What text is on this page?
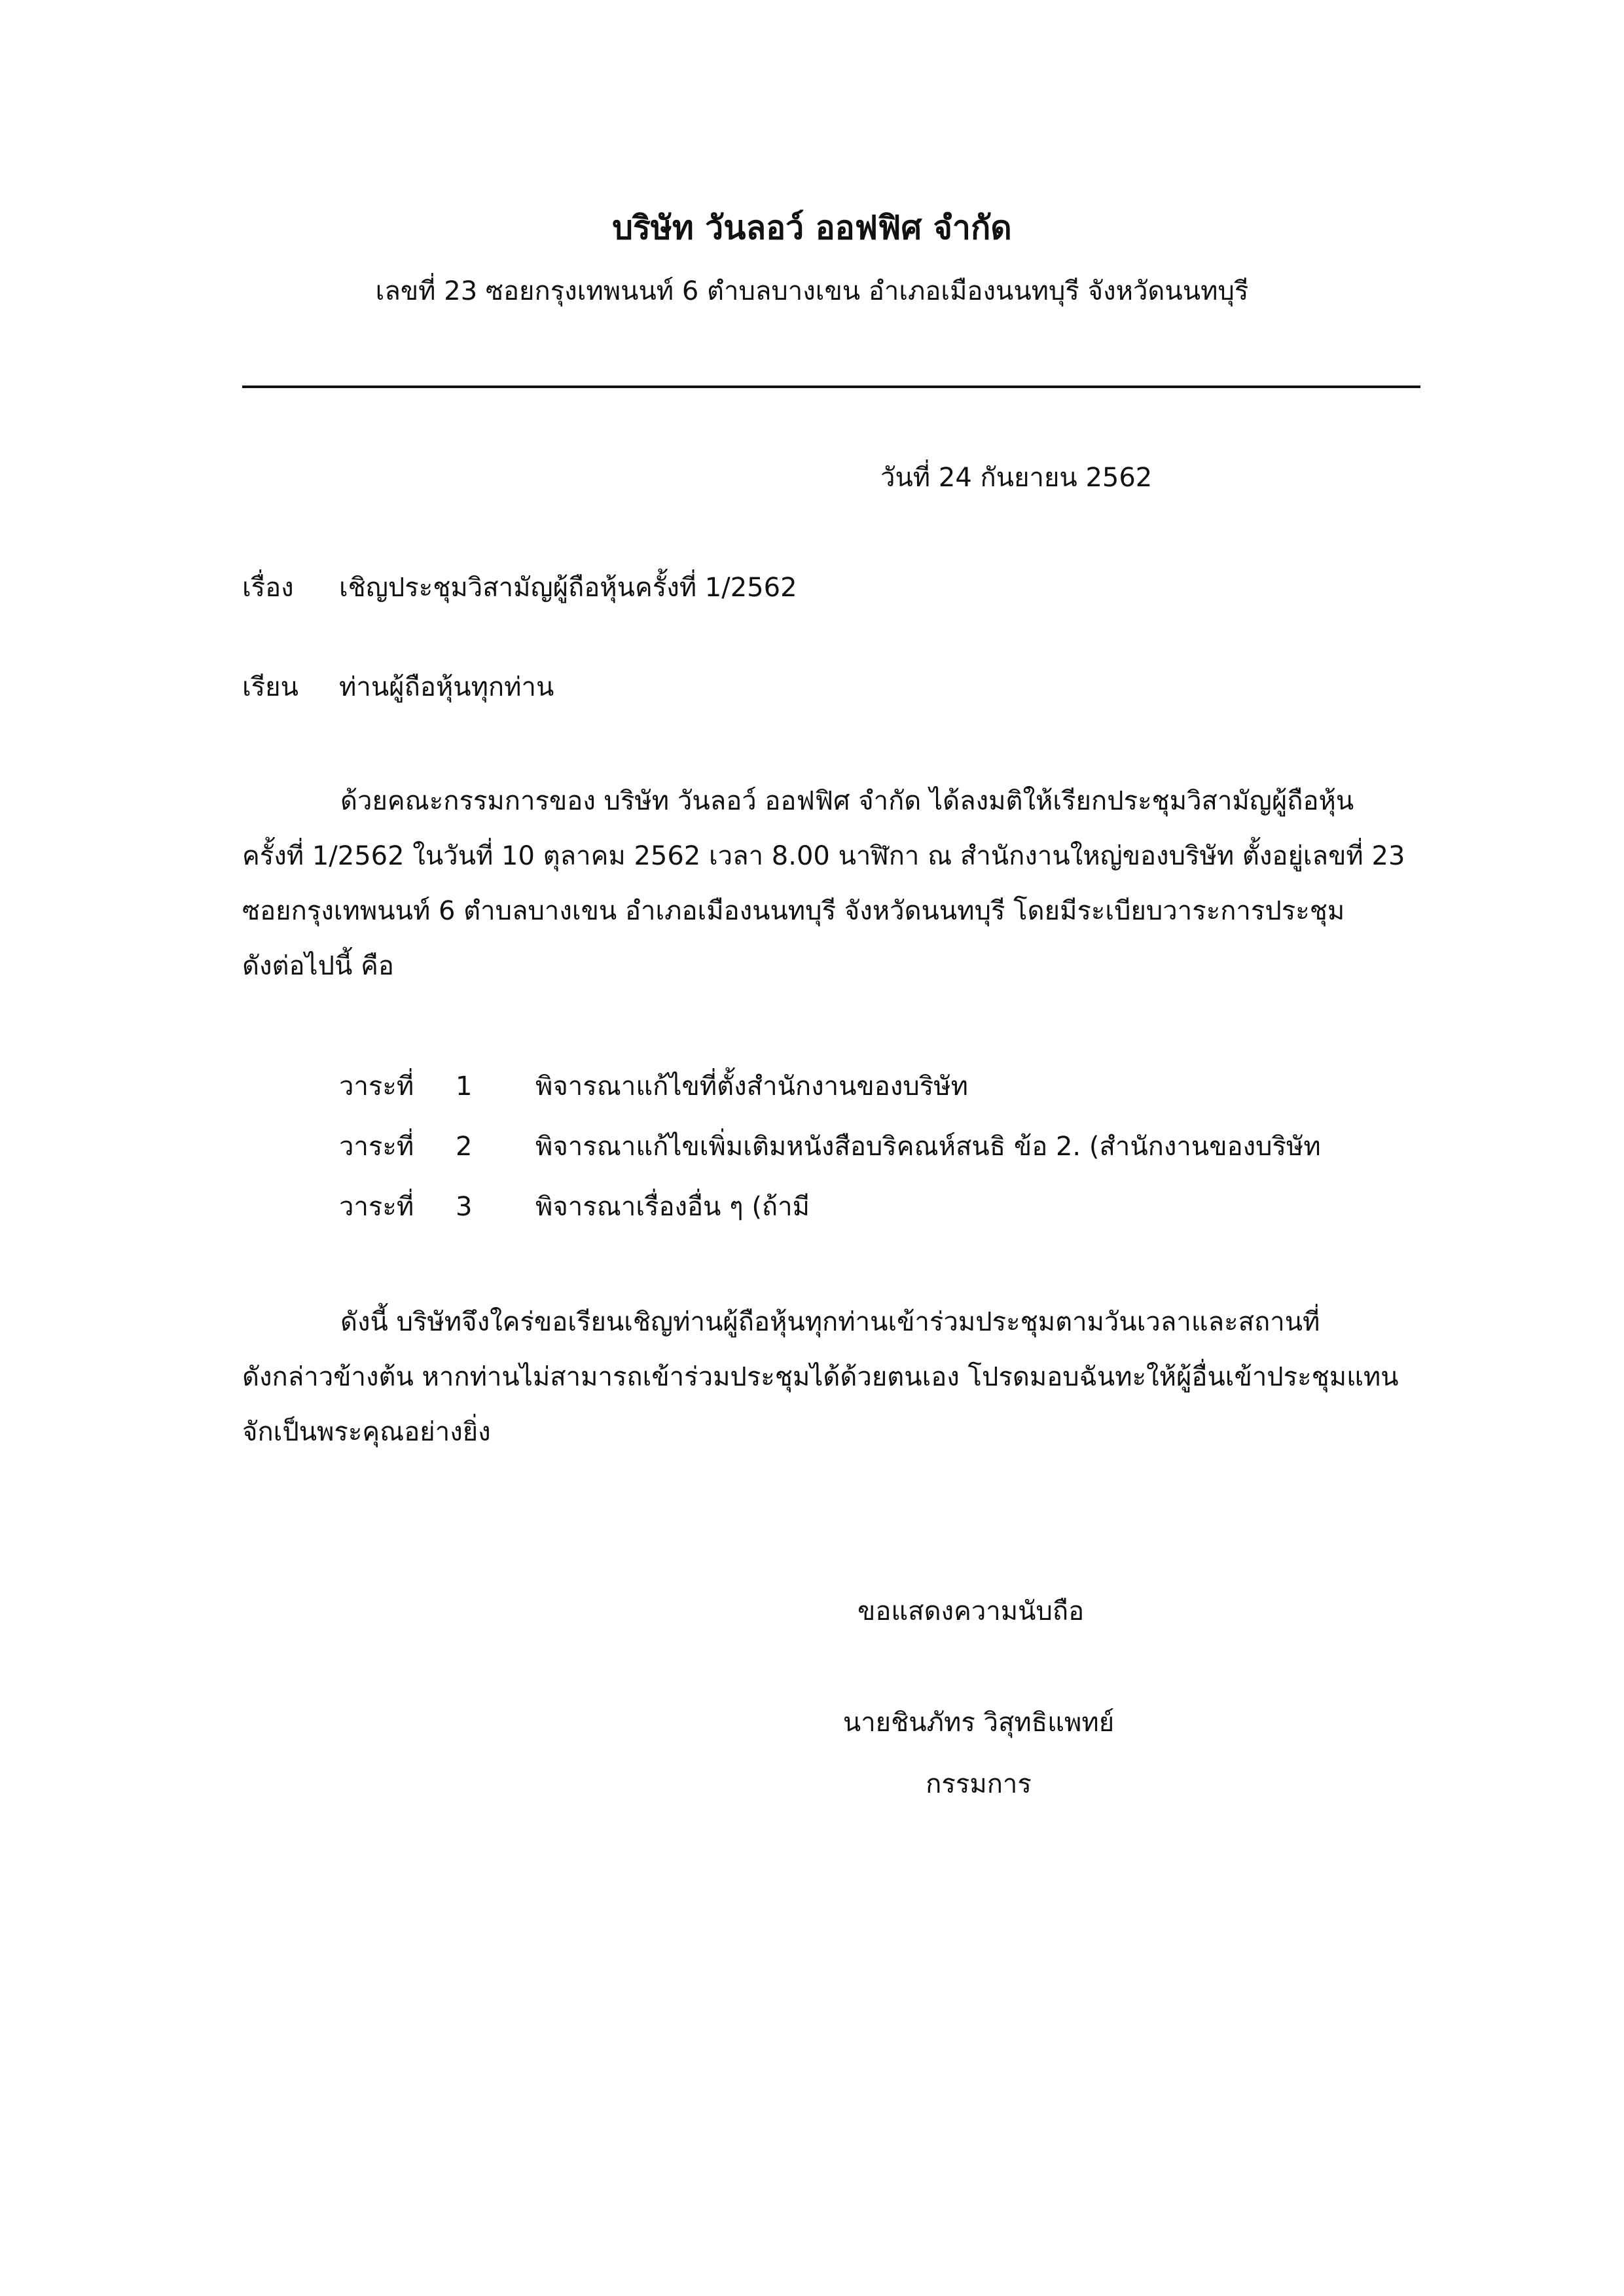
บริษัท วันลอว์ ออฟฟิศ จำกัด
เลขที่ 23 ซอยกรุงเทพนนท์ 6 ตำบลบางเขน อำเภอเมืองนนทบุรี จังหวัดนนทบุรี
วันที่ 24 กันยายน 2562
เรื่อง เชิญประชุมวิสามัญผู้ถือหุ้นครั้งที่ 1/2562
เรียน ท่านผู้ถือหุ้นทุกท่าน
ด้วยคณะกรรมการของ บริษัท วันลอว์ ออฟฟิศ จำกัด ได้ลงมติให้เรียกประชุมวิสามัญผู้ถือหุ้น
ครั้งที่ 1/2562 ในวันที่ 10 ตุลาคม 2562 เวลา 8.00 นาฬิกา ณ สำนักงานใหญ่ของบริษัท ตั้งอยู่เลขที่ 23
ซอยกรุงเทพนนท์ 6 ตำบลบางเขน อำเภอเมืองนนทบุรี จังหวัดนนทบุรี โดยมีระเบียบวาระการประชุม
ดังต่อไปนี้ คือ
วาระที่ 1 พิจารณาแก้ไขที่ตั้งสำนักงานของบริษัท
วาระที่ 2 พิจารณาแก้ไขเพิ่มเติมหนังสือบริคณห์สนธิ ข้อ 2. (สำนักงานของบริษัท
วาระที่ 3 พิจารณาเรื่องอื่น ๆ (ถ้ามี
ดังนี้ บริษัทจึงใคร่ขอเรียนเชิญท่านผู้ถือหุ้นทุกท่านเข้าร่วมประชุมตามวันเวลาและสถานที่
ดังกล่าวข้างต้น หากท่านไม่สามารถเข้าร่วมประชุมได้ด้วยตนเอง โปรดมอบฉันทะให้ผู้อื่นเข้าประชุมแทน
จักเป็นพระคุณอย่างยิ่ง
ขอแสดงความนับถือ
นายชินภัทร วิสุทธิแพทย์
กรรมการ
